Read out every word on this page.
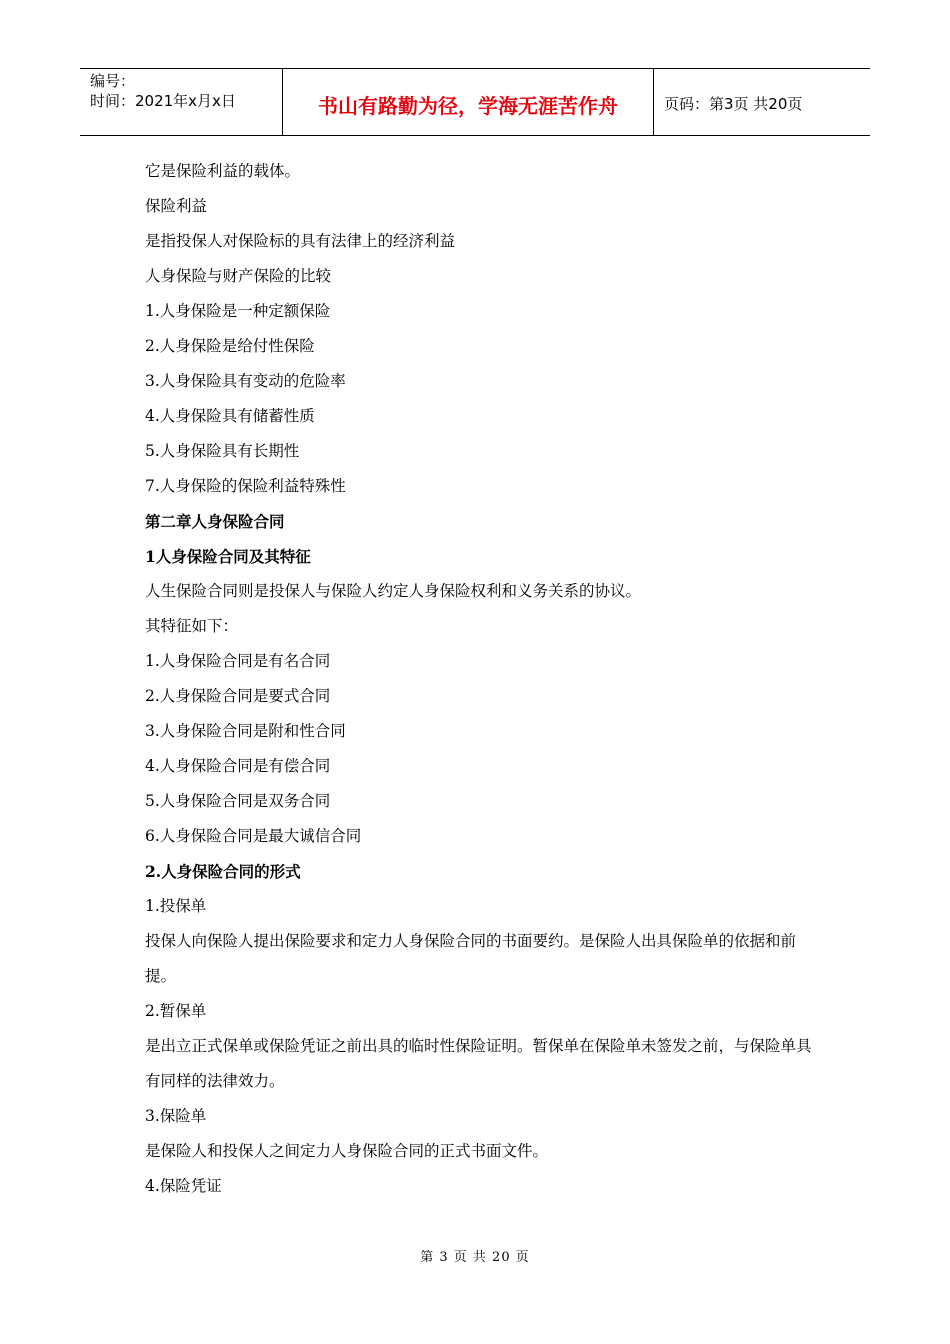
编号：
时间：2021年x月x日	书山有路勤为径，学海无涯苦作舟	页码：第3页 共20页
它是保险利益的载体。
保险利益
是指投保人对保险标的具有法律上的经济利益
人身保险与财产保险的比较
1.人身保险是一种定额保险
2.人身保险是给付性保险
3.人身保险具有变动的危险率
4.人身保险具有储蓄性质
5.人身保险具有长期性
7.人身保险的保险利益特殊性
第二章人身保险合同
1人身保险合同及其特征
人生保险合同则是投保人与保险人约定人身保险权利和义务关系的协议。
其特征如下：
1.人身保险合同是有名合同
2.人身保险合同是要式合同
3.人身保险合同是附和性合同
4.人身保险合同是有偿合同
5.人身保险合同是双务合同
6.人身保险合同是最大诚信合同
2.人身保险合同的形式
1.投保单
投保人向保险人提出保险要求和定力人身保险合同的书面要约。是保险人出具保险单的依据和前提。
2.暂保单
是出立正式保单或保险凭证之前出具的临时性保险证明。暂保单在保险单未签发之前，与保险单具有同样的法律效力。
3.保险单
是保险人和投保人之间定力人身保险合同的正式书面文件。
4.保险凭证
第 3 页 共 20 页
